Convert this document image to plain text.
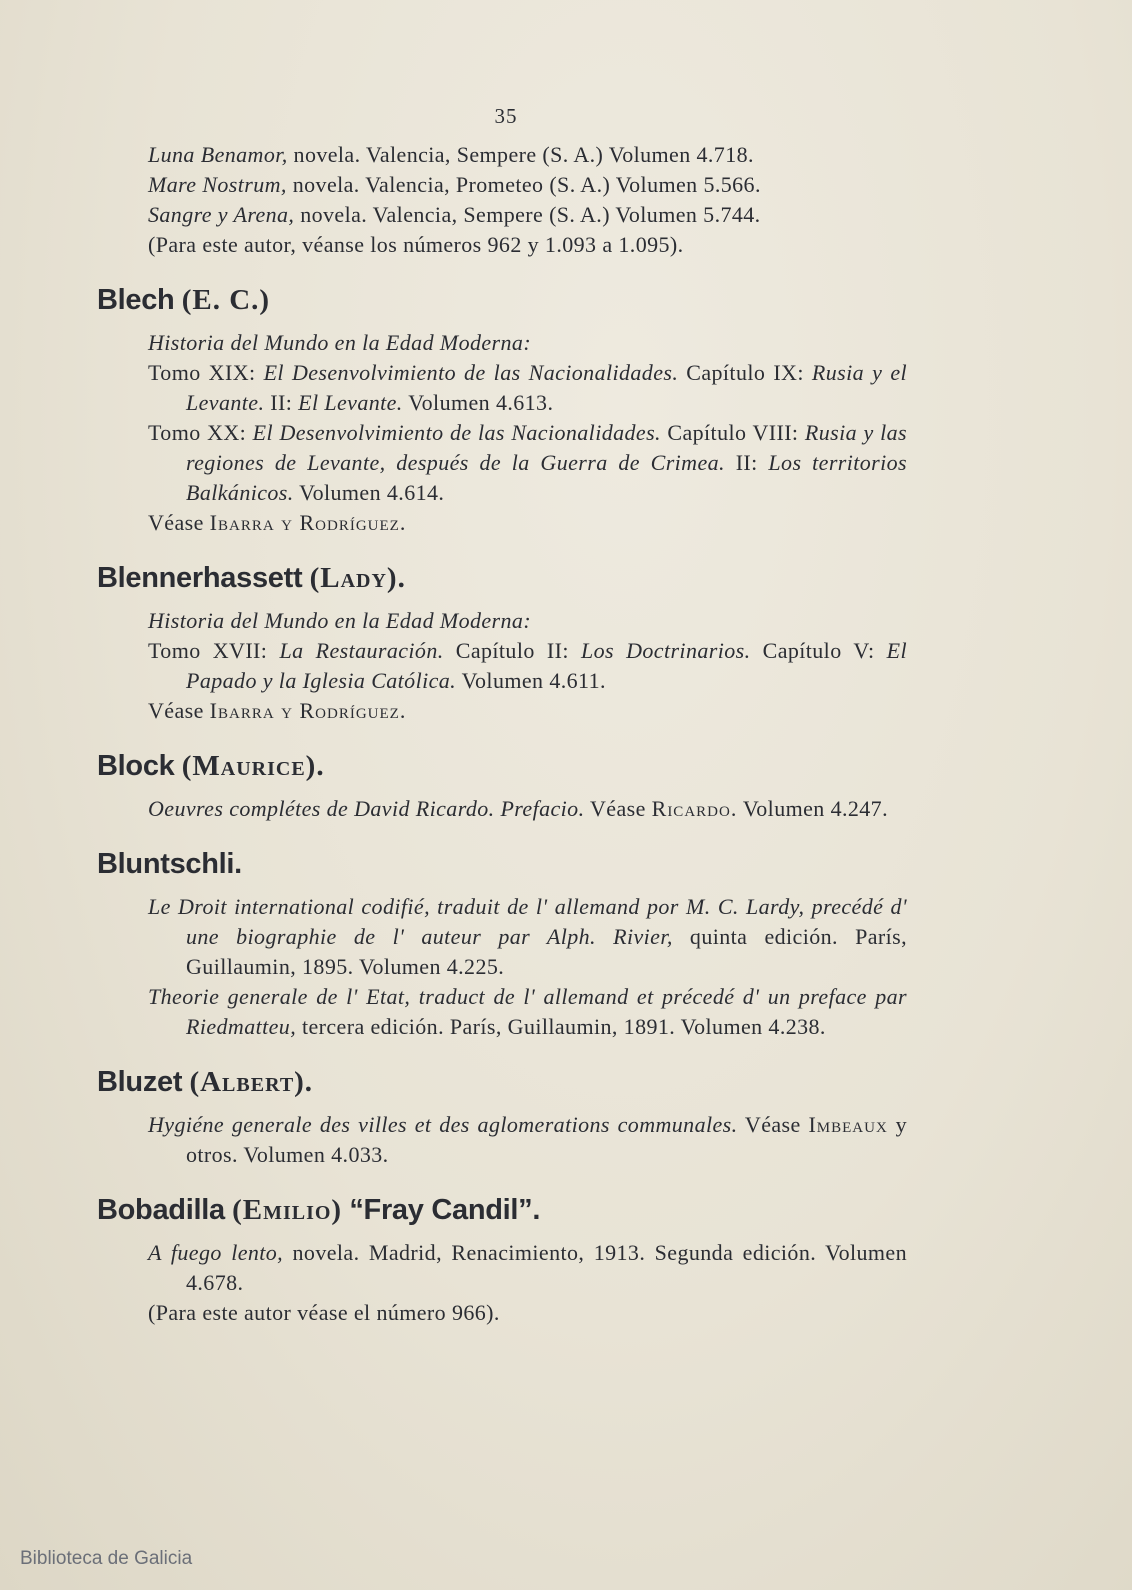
35
Luna Benamor, novela. Valencia, Sempere (S. A.) Volumen 4.718.
Mare Nostrum, novela. Valencia, Prometeo (S. A.) Volumen 5.566.
Sangre y Arena, novela. Valencia, Sempere (S. A.) Volumen 5.744.
(Para este autor, véanse los números 962 y 1.093 a 1.095).
Blech (E. C.)
Historia del Mundo en la Edad Moderna:
Tomo XIX: El Desenvolvimiento de las Nacionalidades. Capítulo IX: Rusia y el Levante. II: El Levante. Volumen 4.613.
Tomo XX: El Desenvolvimiento de las Nacionalidades. Capítulo VIII: Rusia y las regiones de Levante, después de la Guerra de Crimea. II: Los territorios Balkánicos. Volumen 4.614.
Véase Ibarra y Rodríguez.
Blennerhassett (Lady).
Historia del Mundo en la Edad Moderna:
Tomo XVII: La Restauración. Capítulo II: Los Doctrinarios. Capítulo V: El Papado y la Iglesia Católica. Volumen 4.611.
Véase Ibarra y Rodríguez.
Block (Maurice).
Oeuvres complétes de David Ricardo. Prefacio. Véase Ricardo. Volumen 4.247.
Bluntschli.
Le Droit international codifié, traduit de l' allemand por M. C. Lardy, precédé d' une biographie de l' auteur par Alph. Rivier, quinta edición. París, Guillaumin, 1895. Volumen 4.225.
Theorie generale de l' Etat, traduct de l' allemand et précedé d' un preface par Riedmatteu, tercera edición. París, Guillaumin, 1891. Volumen 4.238.
Bluzet (Albert).
Hygiéne generale des villes et des aglomerations communales. Véase Imbeaux y otros. Volumen 4.033.
Bobadilla (Emilio) “Fray Candil”.
A fuego lento, novela. Madrid, Renacimiento, 1913. Segunda edición. Volumen 4.678.
(Para este autor véase el número 966).
Biblioteca de Galicia
